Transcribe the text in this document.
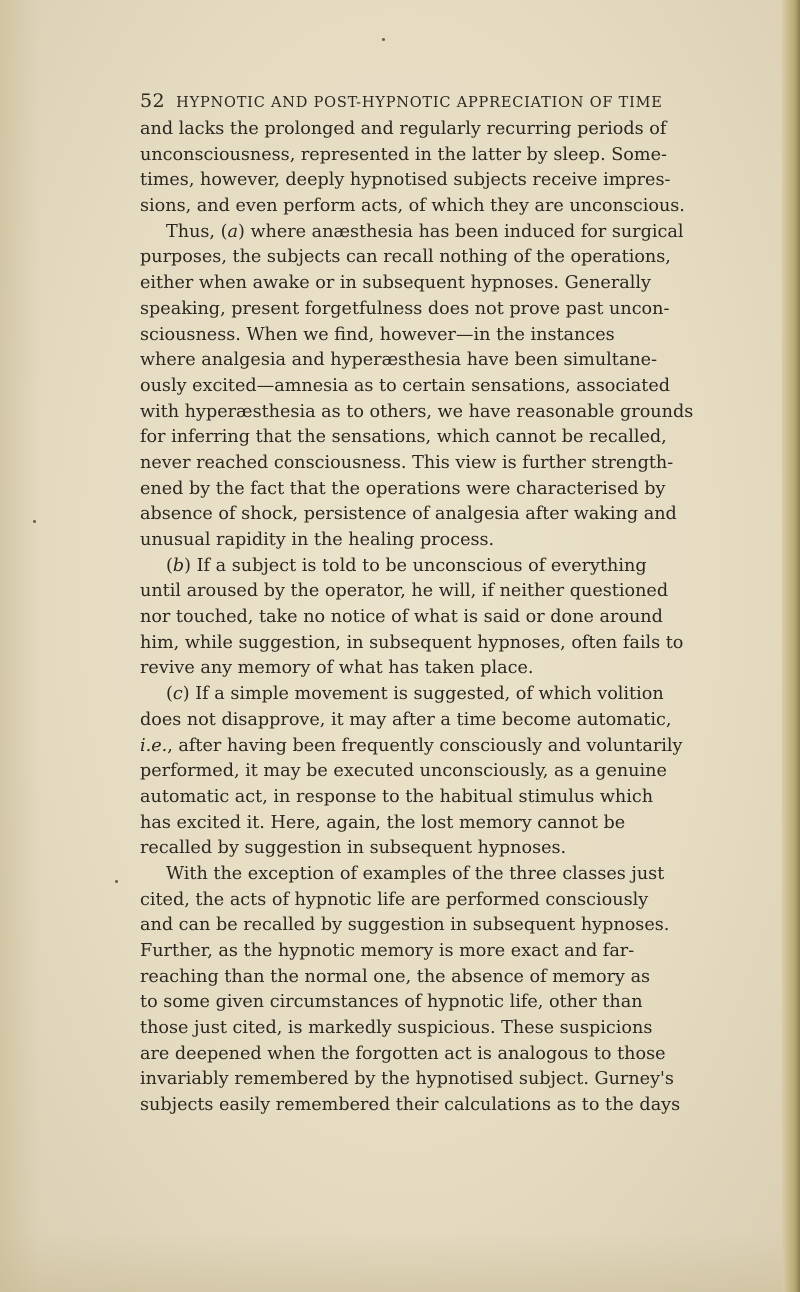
52 HYPNOTIC AND POST-HYPNOTIC APPRECIATION OF TIME
and lacks the prolonged and regularly recurring periods of
unconsciousness, represented in the latter by sleep. Some-
times, however, deeply hypnotised subjects receive impres-
sions, and even perform acts, of which they are unconscious.
Thus, (a) where anæsthesia has been induced for surgical
purposes, the subjects can recall nothing of the operations,
either when awake or in subsequent hypnoses. Generally
speaking, present forgetfulness does not prove past uncon-
sciousness. When we find, however—in the instances
where analgesia and hyperæsthesia have been simultane-
ously excited—amnesia as to certain sensations, associated
with hyperæsthesia as to others, we have reasonable grounds
for inferring that the sensations, which cannot be recalled,
never reached consciousness. This view is further strength-
ened by the fact that the operations were characterised by
absence of shock, persistence of analgesia after waking and
unusual rapidity in the healing process.
(b) If a subject is told to be unconscious of everything
until aroused by the operator, he will, if neither questioned
nor touched, take no notice of what is said or done around
him, while suggestion, in subsequent hypnoses, often fails to
revive any memory of what has taken place.
(c) If a simple movement is suggested, of which volition
does not disapprove, it may after a time become automatic,
i.e., after having been frequently consciously and voluntarily
performed, it may be executed unconsciously, as a genuine
automatic act, in response to the habitual stimulus which
has excited it. Here, again, the lost memory cannot be
recalled by suggestion in subsequent hypnoses.
With the exception of examples of the three classes just
cited, the acts of hypnotic life are performed consciously
and can be recalled by suggestion in subsequent hypnoses.
Further, as the hypnotic memory is more exact and far-
reaching than the normal one, the absence of memory as
to some given circumstances of hypnotic life, other than
those just cited, is markedly suspicious. These suspicions
are deepened when the forgotten act is analogous to those
invariably remembered by the hypnotised subject. Gurney's
subjects easily remembered their calculations as to the days
